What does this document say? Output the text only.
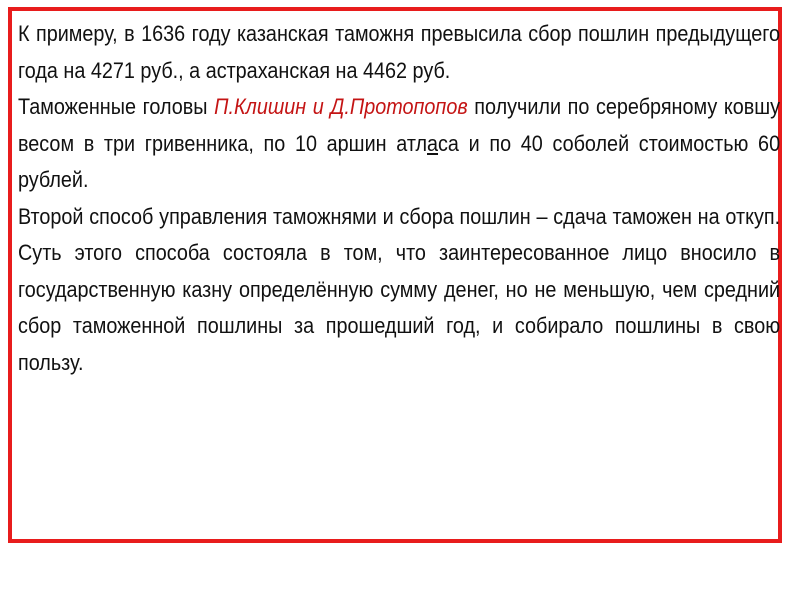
К примеру, в 1636 году казанская таможня превысила сбор пошлин предыдущего года на 4271 руб., а астраханская на 4462 руб.

Таможенные головы П.Клишин и Д.Протопопов получили по серебряному ковшу весом в три гривенника, по 10 аршин атласа и по 40 соболей стоимостью 60 рублей.

Второй способ управления таможнями и сбора пошлин – сдача таможен на откуп. Суть этого способа состояла в том, что заинтересованное лицо вносило в государственную казну определённую сумму денег, но не меньшую, чем средний сбор таможенной пошлины за прошедший год, и собирало пошлины в свою пользу.
